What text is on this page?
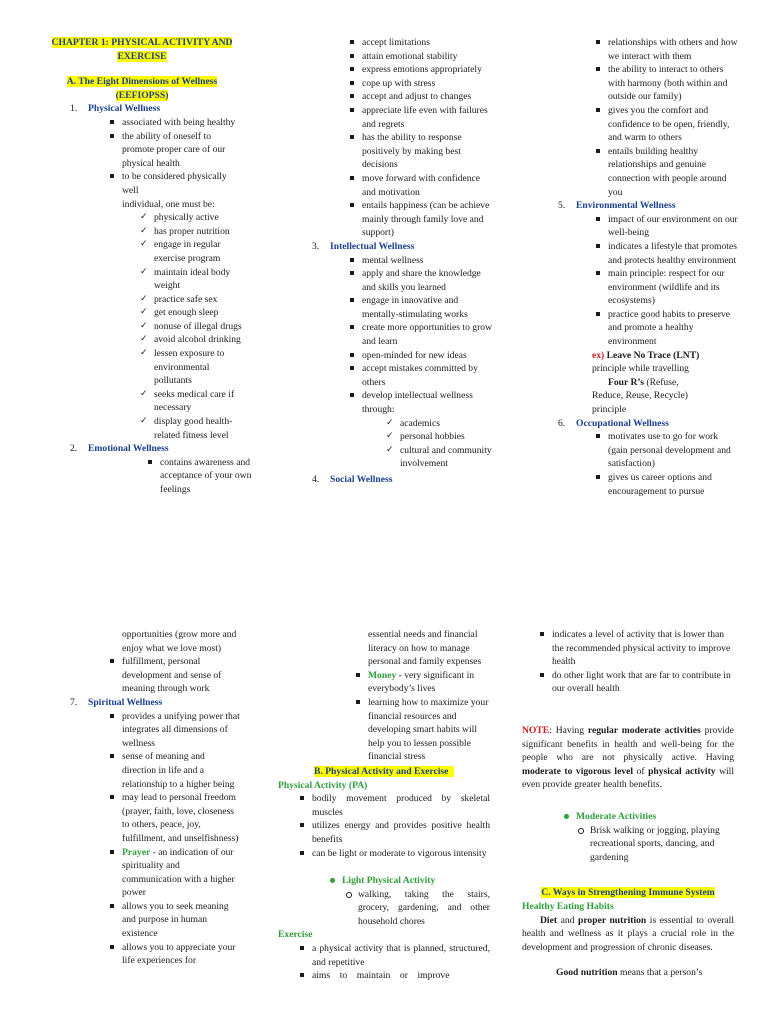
CHAPTER 1: PHYSICAL ACTIVITY AND
EXERCISE
A. The Eight Dimensions of Wellness
(EEFIOPSS)
1. Physical Wellness
associated with being healthy
the ability of oneself to promote proper care of our physical health
to be considered physically well
individual, one must be:
✓ physically active
✓ has proper nutrition
✓ engage in regular exercise program
✓ maintain ideal body weight
✓ practice safe sex
✓ get enough sleep
✓ nonuse of illegal drugs
✓ avoid alcohol drinking
✓ lessen exposure to environmental pollutants
✓ seeks medical care if necessary
✓ display good health-related fitness level
2. Emotional Wellness
contains awareness and acceptance of your own feelings
accept limitations
attain emotional stability
express emotions appropriately
cope up with stress
accept and adjust to changes
appreciate life even with failures and regrets
has the ability to response positively by making best decisions
move forward with confidence and motivation
entails happiness (can be achieve mainly through family love and support)
3. Intellectual Wellness
mental wellness
apply and share the knowledge and skills you learned
engage in innovative and mentally-stimulating works
create more opportunities to grow and learn
open-minded for new ideas
accept mistakes committed by others
develop intellectual wellness through:
✓ academics
✓ personal hobbies
✓ cultural and community involvement
4. Social Wellness
relationships with others and how we interact with them
the ability to interact to others with harmony (both within and outside our family)
gives you the comfort and confidence to be open, friendly, and warm to others
entails building healthy relationships and genuine connection with people around you
5. Environmental Wellness
impact of our environment on our well-being
indicates a lifestyle that promotes and protects healthy environment
main principle: respect for our environment (wildlife and its ecosystems)
practice good habits to preserve and promote a healthy environment
ex) Leave No Trace (LNT)
principle while travelling
Four R’s (Refuse,
Reduce, Reuse, Recycle)
principle
6. Occupational Wellness
motivates use to go for work (gain personal development and satisfaction)
gives us career options and encouragement to pursue
opportunities (grow more and enjoy what we love most)
fulfillment, personal development and sense of meaning through work
7. Spiritual Wellness
provides a unifying power that integrates all dimensions of wellness
sense of meaning and direction in life and a relationship to a higher being
may lead to personal freedom (prayer, faith, love, closeness to others, peace, joy, fulfillment, and unselfishness)
Prayer - an indication of our spirituality and communication with a higher power
allows you to seek meaning and purpose in human existence
allows you to appreciate your life experiences for
essential needs and financial literacy on how to manage personal and family expenses
Money - very significant in everybody’s lives
learning how to maximize your financial resources and developing smart habits will help you to lessen possible financial stress
B. Physical Activity and Exercise
Physical Activity (PA)
bodily movement produced by skeletal muscles
utilizes energy and provides positive health benefits
can be light or moderate to vigorous intensity
Light Physical Activity
walking, taking the stairs, grocery, gardening, and other household chores
Exercise
a physical activity that is planned, structured, and repetitive
aims    to    maintain    or    improve
indicates a level of activity that is lower than the recommended physical activity to improve health
do other light work that are far to contribute in our overall health
NOTE: Having regular moderate activities provide significant benefits in health and well-being for the people who are not physically active. Having moderate to vigorous level of physical activity will even provide greater health benefits.
Moderate Activities
Brisk walking or jogging, playing recreational sports, dancing, and gardening
C. Ways in Strengthening Immune System
Healthy Eating Habits
Diet and proper nutrition is essential to overall health and wellness as it plays a crucial role in the development and progression of chronic diseases.
Good nutrition means that a person’s
